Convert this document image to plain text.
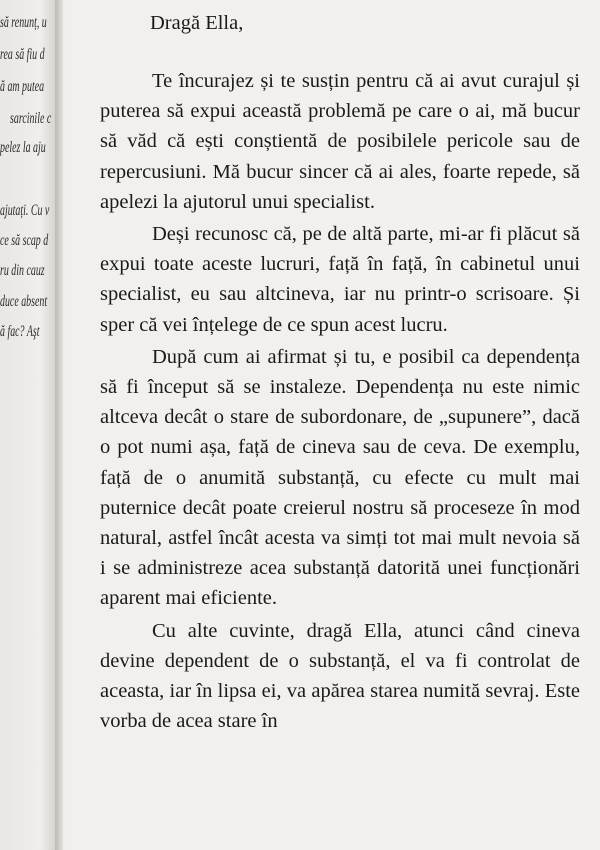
să renunț, u
rea să fiu d
ă am putea
sarcinile c
pelez la aju
ajutați. Cu v
ce să scap d
ru din cauz
duce absent
ă fac? Aşt
Dragă Ella,

Te încurajez și te susțin pentru că ai avut curajul și puterea să expui această problemă pe care o ai, mă bucur să văd că ești conștientă de posibilele pericole sau de repercusiuni. Mă bucur sincer că ai ales, foarte repede, să apelezi la ajutorul unui specialist.

Deși recunosc că, pe de altă parte, mi-ar fi plăcut să expui toate aceste lucruri, față în față, în cabinetul unui specialist, eu sau altcineva, iar nu printr-o scrisoare. Și sper că vei înțelege de ce spun acest lucru.

După cum ai afirmat și tu, e posibil ca dependența să fi început să se instaleze. Dependența nu este nimic altceva decât o stare de subordonare, de „supunere”, dacă o pot numi așa, față de cineva sau de ceva. De exemplu, față de o anumită substanță, cu efecte cu mult mai puternice decât poate creierul nostru să proceseze în mod natural, astfel încât acesta va simți tot mai mult nevoia să i se administreze acea substanță datorită unei funcționări aparent mai eficiente.

Cu alte cuvinte, dragă Ella, atunci când cineva devine dependent de o substanță, el va fi controlat de aceasta, iar în lipsa ei, va apărea starea numită sevraj. Este vorba de acea stare în
